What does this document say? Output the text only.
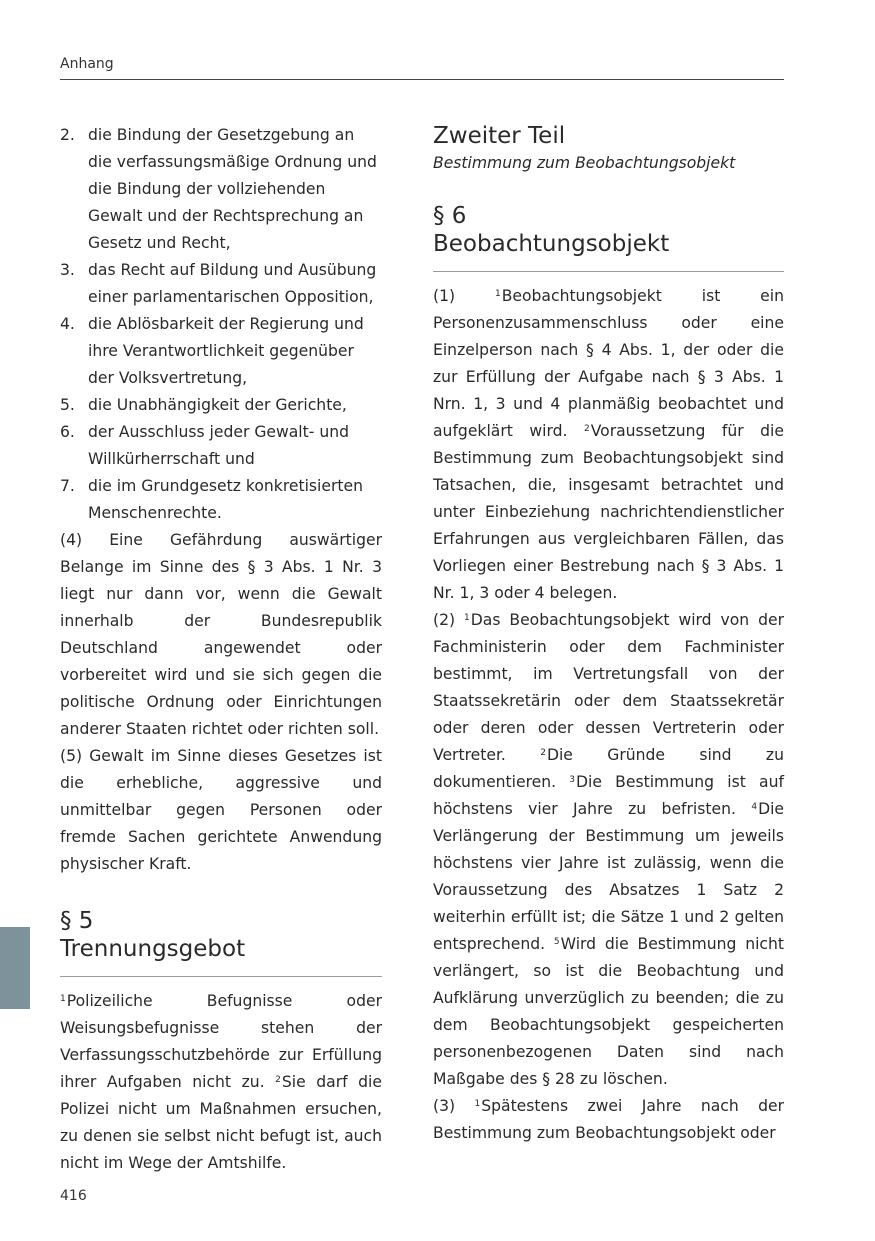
Anhang
2. die Bindung der Gesetzgebung an die verfassungsmäßige Ordnung und die Bindung der vollziehenden Gewalt und der Rechtsprechung an Gesetz und Recht,
3. das Recht auf Bildung und Ausübung einer parlamentarischen Opposition,
4. die Ablösbarkeit der Regierung und ihre Verantwortlichkeit gegenüber der Volksvertretung,
5. die Unabhängigkeit der Gerichte,
6. der Ausschluss jeder Gewalt- und Willkürherrschaft und
7. die im Grundgesetz konkretisierten Menschenrechte.

(4) Eine Gefährdung auswärtiger Belange im Sinne des § 3 Abs. 1 Nr. 3 liegt nur dann vor, wenn die Gewalt innerhalb der Bundesrepublik Deutschland angewendet oder vorbereitet wird und sie sich gegen die politische Ordnung oder Einrichtungen anderer Staaten richtet oder richten soll.

(5) Gewalt im Sinne dieses Gesetzes ist die erhebliche, aggressive und unmittelbar gegen Personen oder fremde Sachen gerichtete Anwendung physischer Kraft.

§ 5
Trennungsgebot

$^1$Polizeiliche Befugnisse oder Weisungsbefugnisse stehen der Verfassungsschutzbehörde zur Erfüllung ihrer Aufgaben nicht zu. $^2$Sie darf die Polizei nicht um Maßnahmen ersuchen, zu denen sie selbst nicht befugt ist, auch nicht im Wege der Amtshilfe.

Zweiter Teil
Bestimmung zum Beobachtungsobjekt
§ 6
Beobachtungsobjekt

(1)	$^1$Beobachtungsobjekt ist ein Personenzusammenschluss oder eine Einzelperson nach § 4 Abs. 1, der oder die zur Erfüllung der Aufgabe nach § 3 Abs. 1 Nrn. 1, 3 und 4 planmäßig beobachtet und aufgeklärt wird. $^2$Voraussetzung für die Bestimmung zum Beobachtungsobjekt sind Tatsachen, die, insgesamt betrachtet und unter Einbeziehung nachrichtendienstlicher Erfahrungen aus vergleichbaren Fällen, das Vorliegen einer Bestrebung nach § 3 Abs. 1 Nr. 1, 3 oder 4 belegen.

(2) $^1$Das Beobachtungsobjekt wird von der Fachministerin oder dem Fachminister bestimmt, im Vertretungsfall von der Staatssekretärin oder dem Staatssekretär oder deren oder dessen Vertreterin oder Vertreter.	$^2$Die Gründe sind zu dokumentieren. $^3$Die Bestimmung ist auf höchstens vier Jahre zu befristen. $^4$Die Verlängerung der Bestimmung um jeweils höchstens vier Jahre ist zulässig, wenn die Voraussetzung des Absatzes 1 Satz 2 weiterhin erfüllt ist; die Sätze 1 und 2 gelten entsprechend. $^5$Wird die Bestimmung nicht verlängert, so ist die Beobachtung und Aufklärung unverzüglich zu beenden; die zu dem Beobachtungsobjekt gespeicherten personenbezogenen Daten sind nach Maßgabe des § 28 zu löschen.

(3) $^1$Spätestens zwei Jahre nach der Bestimmung zum Beobachtungsobjekt oder

416
